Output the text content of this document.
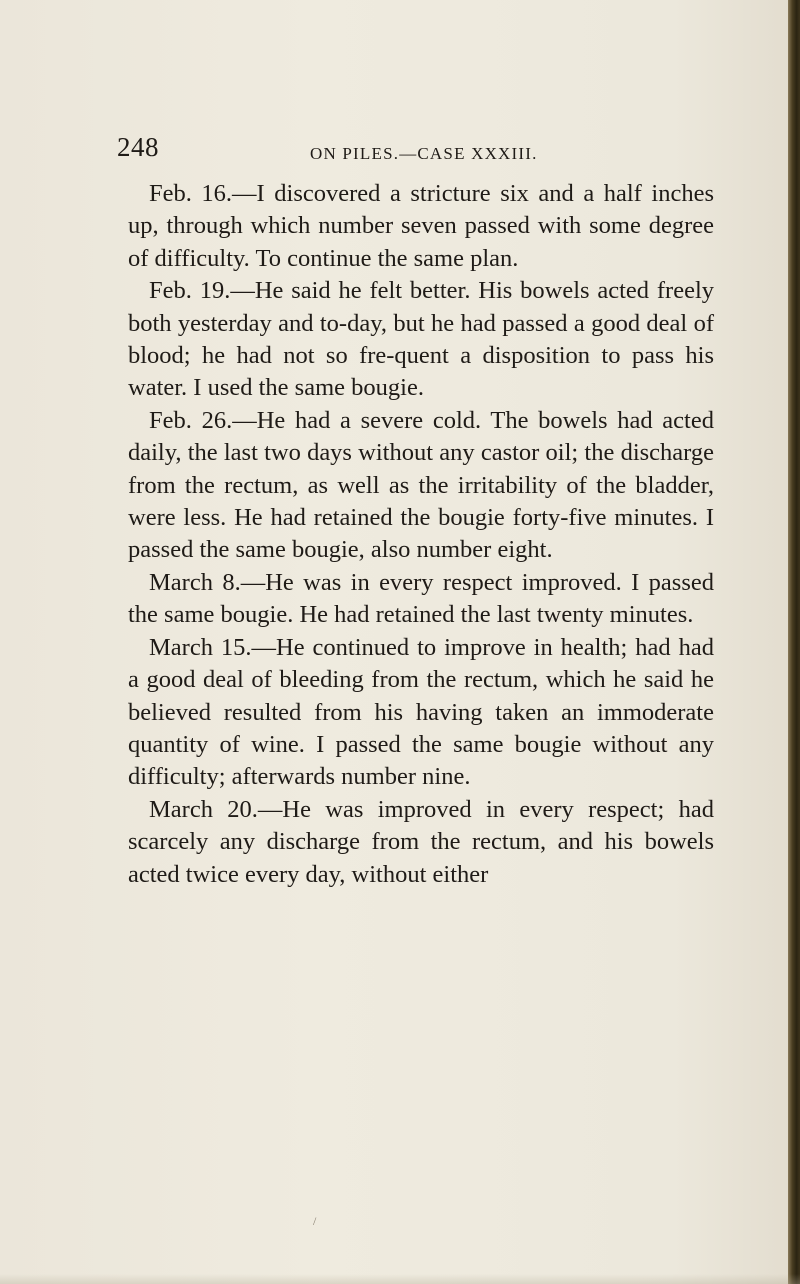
248	ON PILES.—CASE XXXIII.

Feb. 16.—I discovered a stricture six and a half inches up, through which number seven passed with some degree of difficulty. To continue the same plan.

Feb. 19.—He said he felt better. His bowels acted freely both yesterday and to-day, but he had passed a good deal of blood; he had not so fre-quent a disposition to pass his water. I used the same bougie.

Feb. 26.—He had a severe cold. The bowels had acted daily, the last two days without any castor oil; the discharge from the rectum, as well as the irritability of the bladder, were less. He had retained the bougie forty-five minutes. I passed the same bougie, also number eight.

March 8.—He was in every respect improved. I passed the same bougie. He had retained the last twenty minutes.

March 15.—He continued to improve in health; had had a good deal of bleeding from the rectum, which he said he believed resulted from his having taken an immoderate quantity of wine. I passed the same bougie without any difficulty; afterwards number nine.

March 20.—He was improved in every respect; had scarcely any discharge from the rectum, and his bowels acted twice every day, without either

/
